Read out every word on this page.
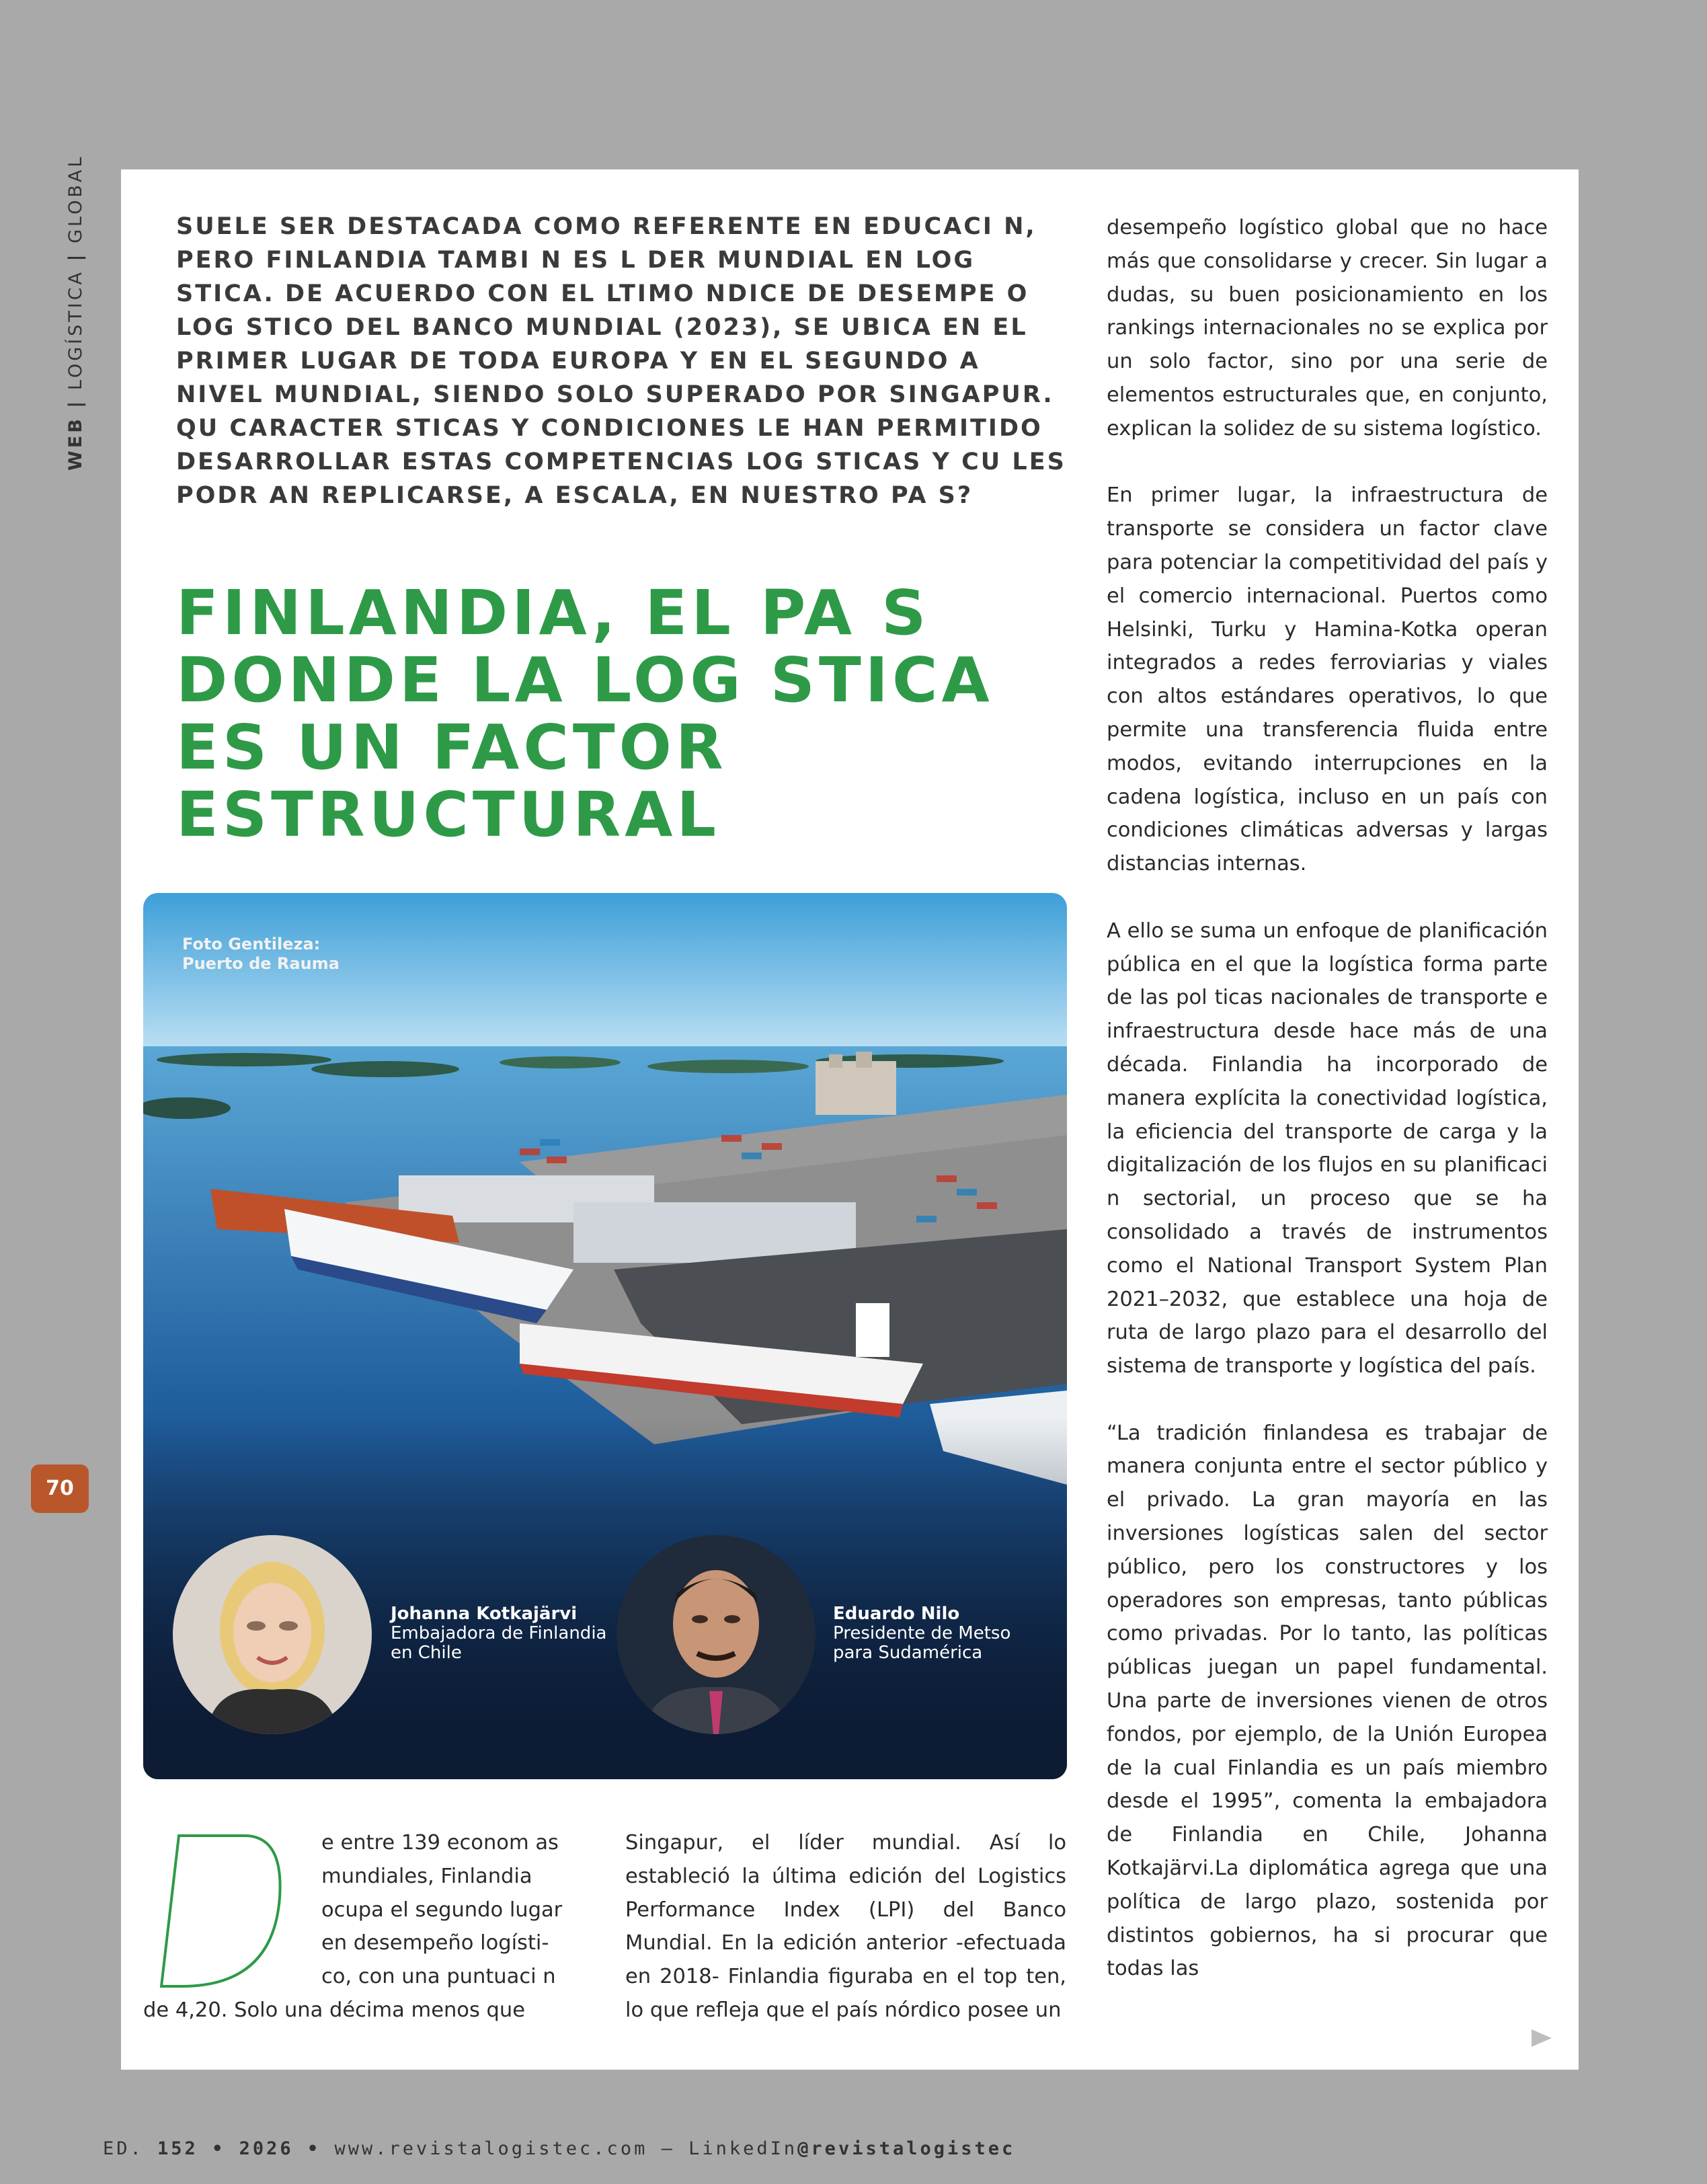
WEB | LOGÍSTICA | GLOBAL
70

SUELE SER DESTACADA COMO REFERENTE EN EDUCACI N, PERO FINLANDIA TAMBI N ES L DER MUNDIAL EN LOG STICA. DE ACUERDO CON EL LTIMO NDICE DE DESEMPE O LOG STICO DEL BANCO MUNDIAL (2023), SE UBICA EN EL PRIMER LUGAR DE TODA EUROPA Y EN EL SEGUNDO A NIVEL MUNDIAL, SIENDO SOLO SUPERADO POR SINGAPUR. QU CARACTER STICAS Y CONDICIONES LE HAN PERMITIDO DESARROLLAR ESTAS COMPETENCIAS LOG STICAS Y CU LES PODR AN REPLICARSE, A ESCALA, EN NUESTRO PA S?

FINLANDIA, EL PA S DONDE LA LOG STICA ES UN FACTOR ESTRUCTURAL
Foto Gentileza:
Puerto de Rauma
Johanna Kotkajärvi
Embajadora de Finlandia
en Chile
Eduardo Nilo
Presidente de Metso
para Sudamérica
e entre 139 econom as
mundiales, Finlandia
ocupa el segundo lugar
en desempeño logísti-
co, con una puntuaci n
de 4,20. Solo una décima menos que
Singapur, el líder mundial. Así lo estableció la última edición del Logistics Performance Index (LPI) del Banco Mundial. En la edición anterior -efectuada en 2018- Finlandia figuraba en el top ten, lo que refleja que el país nórdico posee un

desempeño logístico global que no hace más que consolidarse y crecer. Sin lugar a dudas, su buen posicionamiento en los rankings internacionales no se explica por un solo factor, sino por una serie de elementos estructurales que, en conjunto, explican la solidez de su sistema logístico.

En primer lugar, la infraestructura de transporte se considera un factor clave para potenciar la competitividad del país y el comercio internacional. Puertos como Helsinki, Turku y Hamina-Kotka operan integrados a redes ferroviarias y viales con altos estándares operativos, lo que permite una transferencia fluida entre modos, evitando interrupciones en la cadena logística, incluso en un país con condiciones climáticas adversas y largas distancias internas.

A ello se suma un enfoque de planificación pública en el que la logística forma parte de las pol ticas nacionales de transporte e infraestructura desde hace más de una década. Finlandia ha incorporado de manera explícita la conectividad logística, la eficiencia del transporte de carga y la digitalización de los flujos en su planificaci n sectorial, un proceso que se ha consolidado a través de instrumentos como el National Transport System Plan 2021–2032, que establece una hoja de ruta de largo plazo para el desarrollo del sistema de transporte y logística del país.

“La tradición finlandesa es trabajar de manera conjunta entre el sector público y el privado. La gran mayoría en las inversiones logísticas salen del sector público, pero los constructores y los operadores son empresas, tanto públicas como privadas. Por lo tanto, las políticas públicas juegan un papel fundamental. Una parte de inversiones vienen de otros fondos, por ejemplo, de la Unión Europea de la cual Finlandia es un país miembro desde el 1995”, comenta la embajadora de Finlandia en Chile, Johanna Kotkajärvi.La diplomática agrega que una política de largo plazo, sostenida por distintos gobiernos, ha si procurar que todas las

ED. 152 • 2026 • www.revistalogistec.com – LinkedIn@revistalogistec
